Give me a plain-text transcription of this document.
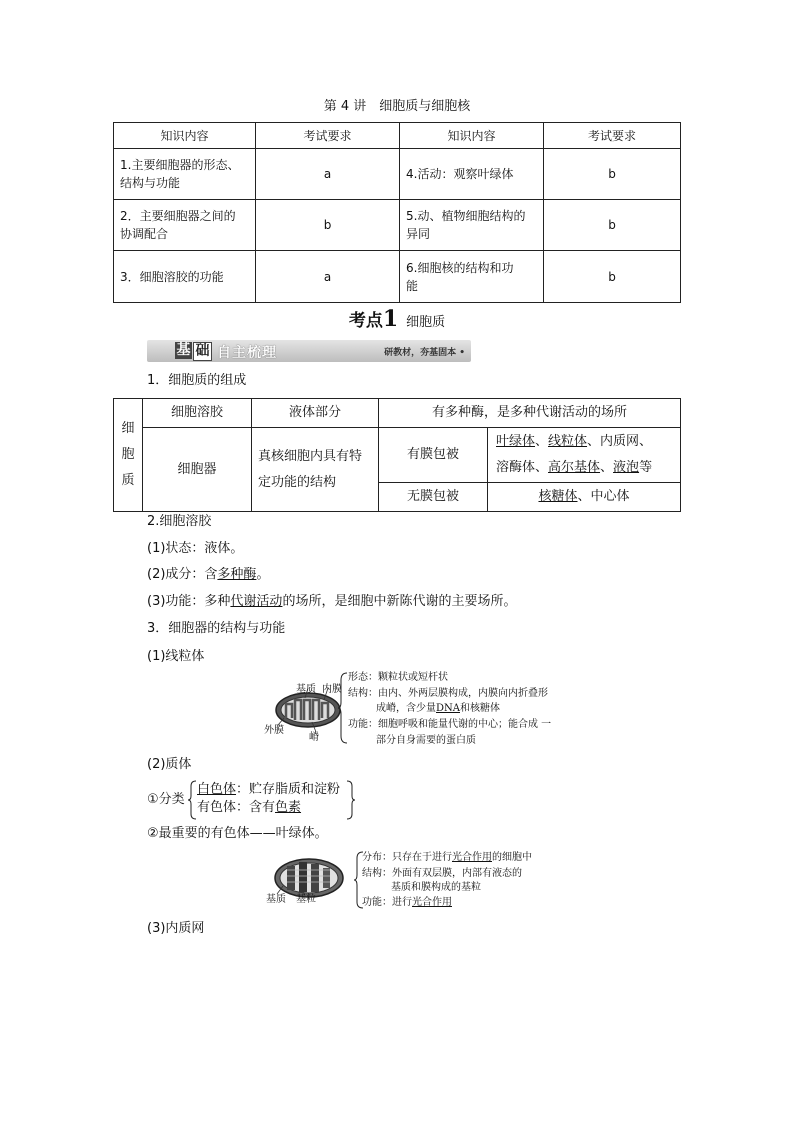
第 4 讲　细胞质与细胞核
知识内容	考试要求	知识内容	考试要求
1.主要细胞器的形态、
结构与功能	a	4.活动：观察叶绿体	b
2．主要细胞器之间的
协调配合	b	5.动、植物细胞结构的
异同	b
3．细胞溶胶的功能	a	6.细胞核的结构和功
能	b
考点1 细胞质
基 础 自主梳理	研教材，夯基固本 •
1．细胞质的组成
细胞质	细胞溶胶	液体部分	有多种酶，是多种代谢活动的场所	
	细胞器	真核细胞内具有特
定功能的结构	有膜包被	叶绿体、线粒体、内质网、
溶酶体、高尔基体、液泡等
			无膜包被	核糖体、中心体
2.细胞溶胶
(1)状态：液体。
(2)成分：含多种酶。
(3)功能：多种代谢活动的场所，是细胞中新陈代谢的主要场所。
3．细胞器的结构与功能
(1)线粒体
基质 内膜
外膜
嵴
形态：颗粒状或短杆状
结构：由内、外两层膜构成，内膜向内折叠形
成嵴，含少量DNA和核糖体
功能：细胞呼吸和能量代谢的中心；能合成 一
部分自身需要的蛋白质
(2)质体
①分类
白色体：贮存脂质和淀粉
有色体：含有色素
②最重要的有色体——叶绿体。
基质 基粒
分布：只存在于进行光合作用的细胞中
结构：外面有双层膜，内部有液态的
基质和膜构成的基粒
功能：进行光合作用
(3)内质网
